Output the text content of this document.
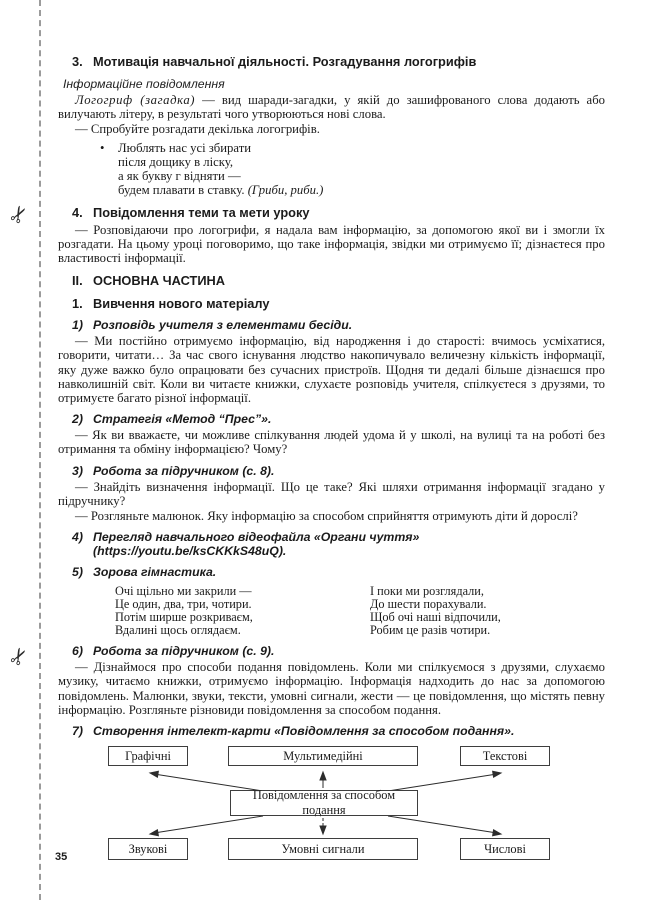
✂
✂
3. Мотивація навчальної діяльності. Розгадування логогрифів
Інформаційне повідомлення

Логогриф (загадка) — вид шаради-загадки, у якій до зашифрованого слова додають або вилучають літеру, в результаті чого утворюються нові слова.

— Спробуйте розгадати декілька логогрифів.

•	Люблять нас усі збирати
після дощику в ліску,
а як букву г відняти —
будем плавати в ставку. (Гриби, риби.)
4. Повідомлення теми та мети уроку

— Розповідаючи про логогрифи, я надала вам інформацію, за допомогою якої ви і змогли їх розгадати. На цьому уроці поговоримо, що таке інформація, звідки ми отримуємо її; дізнаєтеся про властивості інформації.

II. ОСНОВНА ЧАСТИНА
1. Вивчення нового матеріалу
1) Розповідь учителя з елементами бесіди.

— Ми постійно отримуємо інформацію, від народження і до старості: вчимось усміхатися, говорити, читати… За час свого існування людство накопичувало величезну кількість інформації, яку дуже важко було опрацювати без сучасних пристроїв. Щодня ти дедалі більше дізнаєшся про навколишній світ. Коли ви читаєте книжки, слухаєте розповідь учителя, спілкуєтеся з друзями, то отримуєте багато різної інформації.

2) Стратегія «Метод “Прес”».

— Як ви вважаєте, чи можливе спілкування людей удома й у школі, на вулиці та на роботі без отримання та обміну інформацією? Чому?

3) Робота за підручником (с. 8).

— Знайдіть визначення інформації. Що це таке? Які шляхи отримання інформації згадано у підручнику?

— Розгляньте малюнок. Яку інформацію за способом сприйняття отримують діти й дорослі?

4) Перегляд навчального відеофайла «Органи чуття» (https://youtu.be/ksCKKkS48uQ).
5) Зорова гімнастика.
Очі щільно ми закрили —
Це один, два, три, чотири.
Потім ширше розкриваєм,
Вдалині щось оглядаєм.
І поки ми розглядали,
До шести порахували.
Щоб очі наші відпочили,
Робим це разів чотири.
6) Робота за підручником (с. 9).

— Дізнаймося про способи подання повідомлень. Коли ми спілкуємося з друзями, слухаємо музику, читаємо книжки, отримуємо інформацію. Інформація надходить до нас за допомогою повідомлень. Малюнки, звуки, тексти, умовні сигнали, жести — це повідомлення, що містять певну інформацію. Розгляньте різновиди повідомлення за способом подання.

7) Створення інтелект-карти «Повідомлення за способом подання».
Графічні	Мультимедійні	Текстові
Повідомлення за способом подання
Звукові	Умовні сигнали	Числові
35
